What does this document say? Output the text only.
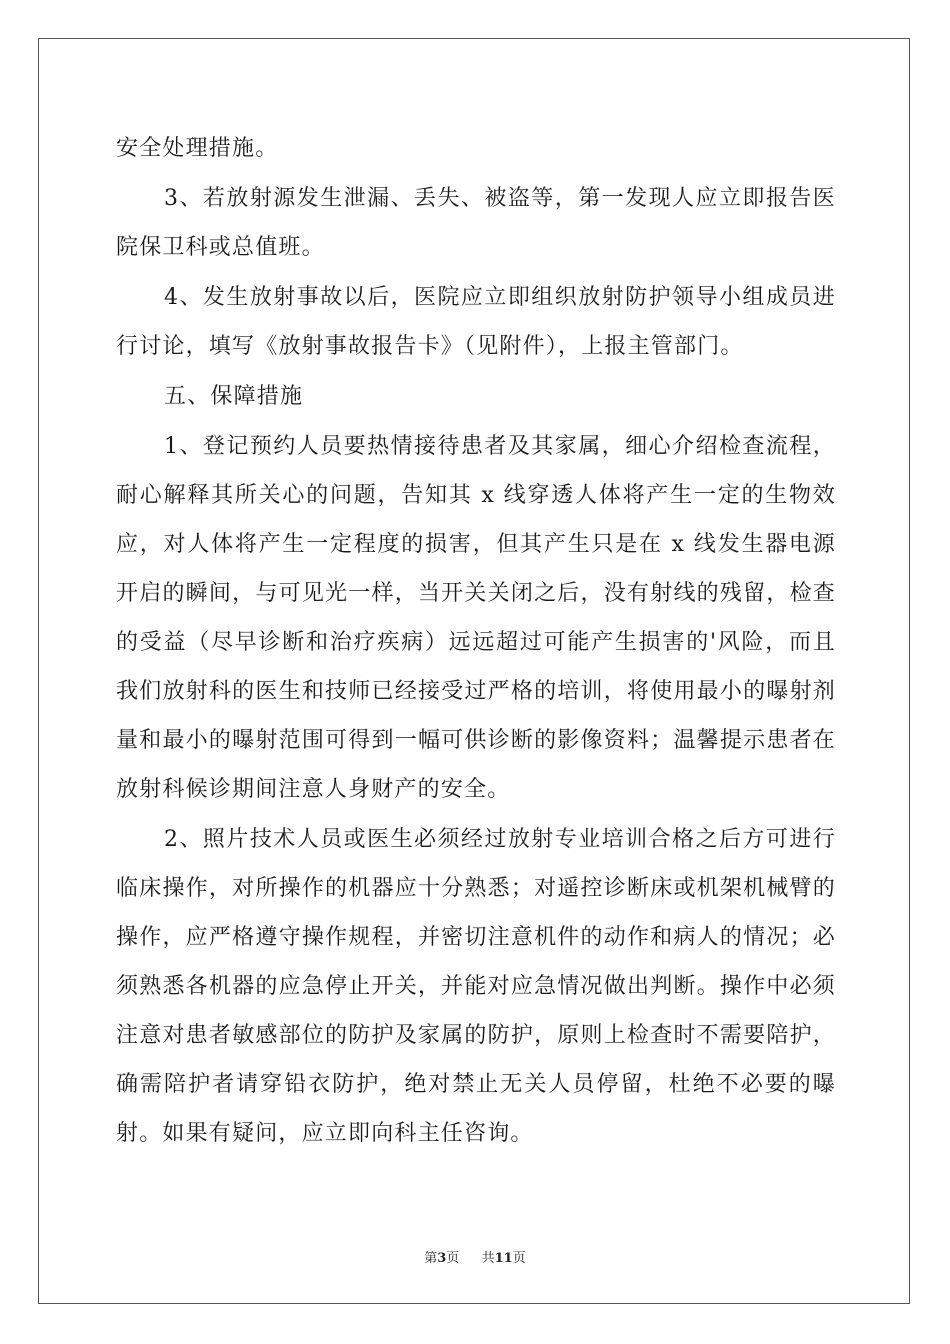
安全处理措施。

3、若放射源发生泄漏、丢失、被盗等，第一发现人应立即报告医院保卫科或总值班。

4、发生放射事故以后，医院应立即组织放射防护领导小组成员进行讨论，填写《放射事故报告卡》（见附件），上报主管部门。

五、保障措施

1、登记预约人员要热情接待患者及其家属，细心介绍检查流程，耐心解释其所关心的问题，告知其 x 线穿透人体将产生一定的生物效应，对人体将产生一定程度的损害，但其产生只是在 x 线发生器电源开启的瞬间，与可见光一样，当开关关闭之后，没有射线的残留，检查的受益（尽早诊断和治疗疾病）远远超过可能产生损害的'风险，而且我们放射科的医生和技师已经接受过严格的培训，将使用最小的曝射剂量和最小的曝射范围可得到一幅可供诊断的影像资料；温馨提示患者在放射科候诊期间注意人身财产的安全。

2、照片技术人员或医生必须经过放射专业培训合格之后方可进行临床操作，对所操作的机器应十分熟悉；对遥控诊断床或机架机械臂的操作，应严格遵守操作规程，并密切注意机件的动作和病人的情况；必须熟悉各机器的应急停止开关，并能对应急情况做出判断。操作中必须注意对患者敏感部位的防护及家属的防护，原则上检查时不需要陪护，确需陪护者请穿铅衣防护，绝对禁止无关人员停留，杜绝不必要的曝射。如果有疑问，应立即向科主任咨询。

第3页 共11页
